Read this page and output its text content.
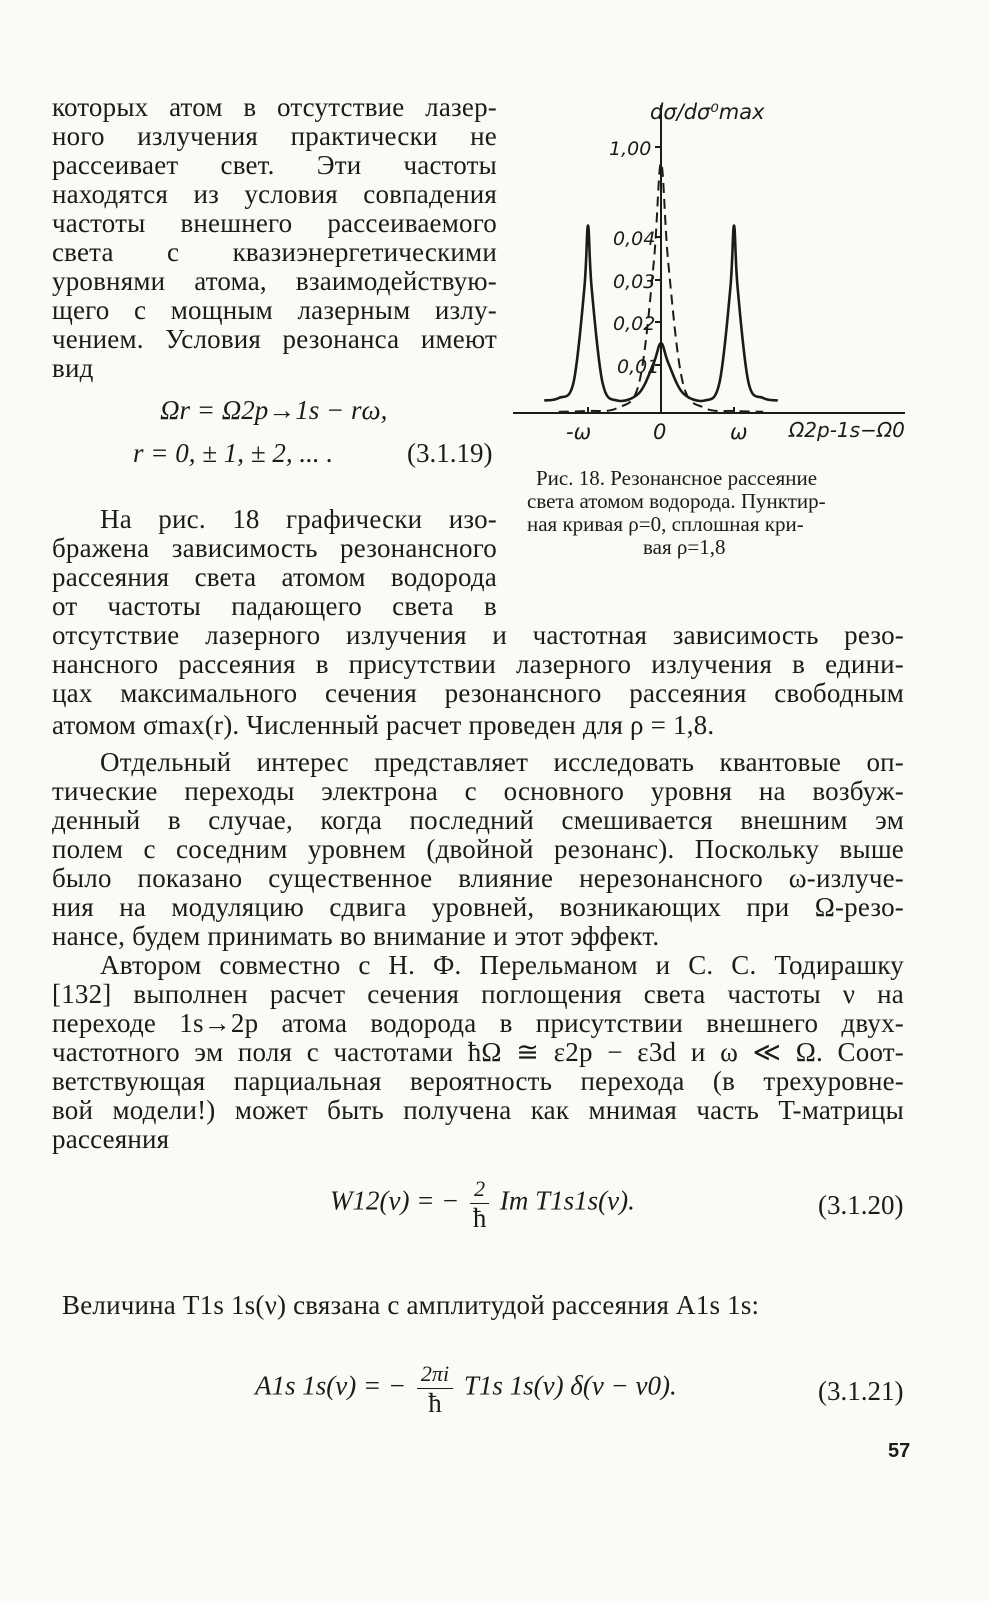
которых атом в отсутствие лазер-
ного излучения практически не
рассеивает свет. Эти частоты
находятся из условия совпадения
частоты внешнего рассеиваемого
света с квазиэнергетическими
уровнями атома, взаимодействую-
щего с мощным лазерным излу-
чением. Условия резонанса имеют
вид
Ωr = Ω2p→1s − rω,
r = 0, ± 1, ± 2, ... .	(3.1.19)
На рис. 18 графически изо-
бражена зависимость резонансного
рассеяния света атомом водорода
от частоты падающего света в
dσ/dσ⁰max
1,00
0,04
0,03
0,02
0,01
-ω	0	ω Ω2p-1s−Ω0
Рис. 18. Резонансное рассеяние
света атомом водорода. Пунктир-
ная кривая ρ=0, сплошная кри-
вая ρ=1,8
отсутствие лазерного излучения и частотная зависимость резо-
нансного рассеяния в присутствии лазерного излучения в едини-
цах максимального сечения резонансного рассеяния свободным
атомом σmax(r). Численный расчет проведен для ρ = 1,8.
Отдельный интерес представляет исследовать квантовые оп-
тические переходы электрона с основного уровня на возбуж-
денный в случае, когда последний смешивается внешним эм
полем с соседним уровнем (двойной резонанс). Поскольку выше
было показано существенное влияние нерезонансного ω-излуче-
ния на модуляцию сдвига уровней, возникающих при Ω-резо-
нансе, будем принимать во внимание и этот эффект.
Автором совместно с Н. Ф. Перельманом и С. С. Тодирашку
[132] выполнен расчет сечения поглощения света частоты ν на
переходе 1s→2p атома водорода в присутствии внешнего двух-
частотного эм поля с частотами ħΩ ≅ ε2p − ε3d и ω ≪ Ω. Соот-
ветствующая парциальная вероятность перехода (в трехуровне-
вой модели!) может быть получена как мнимая часть T-матрицы
рассеяния
W12(ν) = − $\frac{2}{ħ}$ Im T1s1s(ν).	(3.1.20)
Величина T1s 1s(ν) связана с амплитудой рассеяния A1s 1s:
A1s 1s(ν) = − $\frac{2\pi i}{ħ} T1s$ 1s(ν) δ(ν − ν0).	(3.1.21)
57
